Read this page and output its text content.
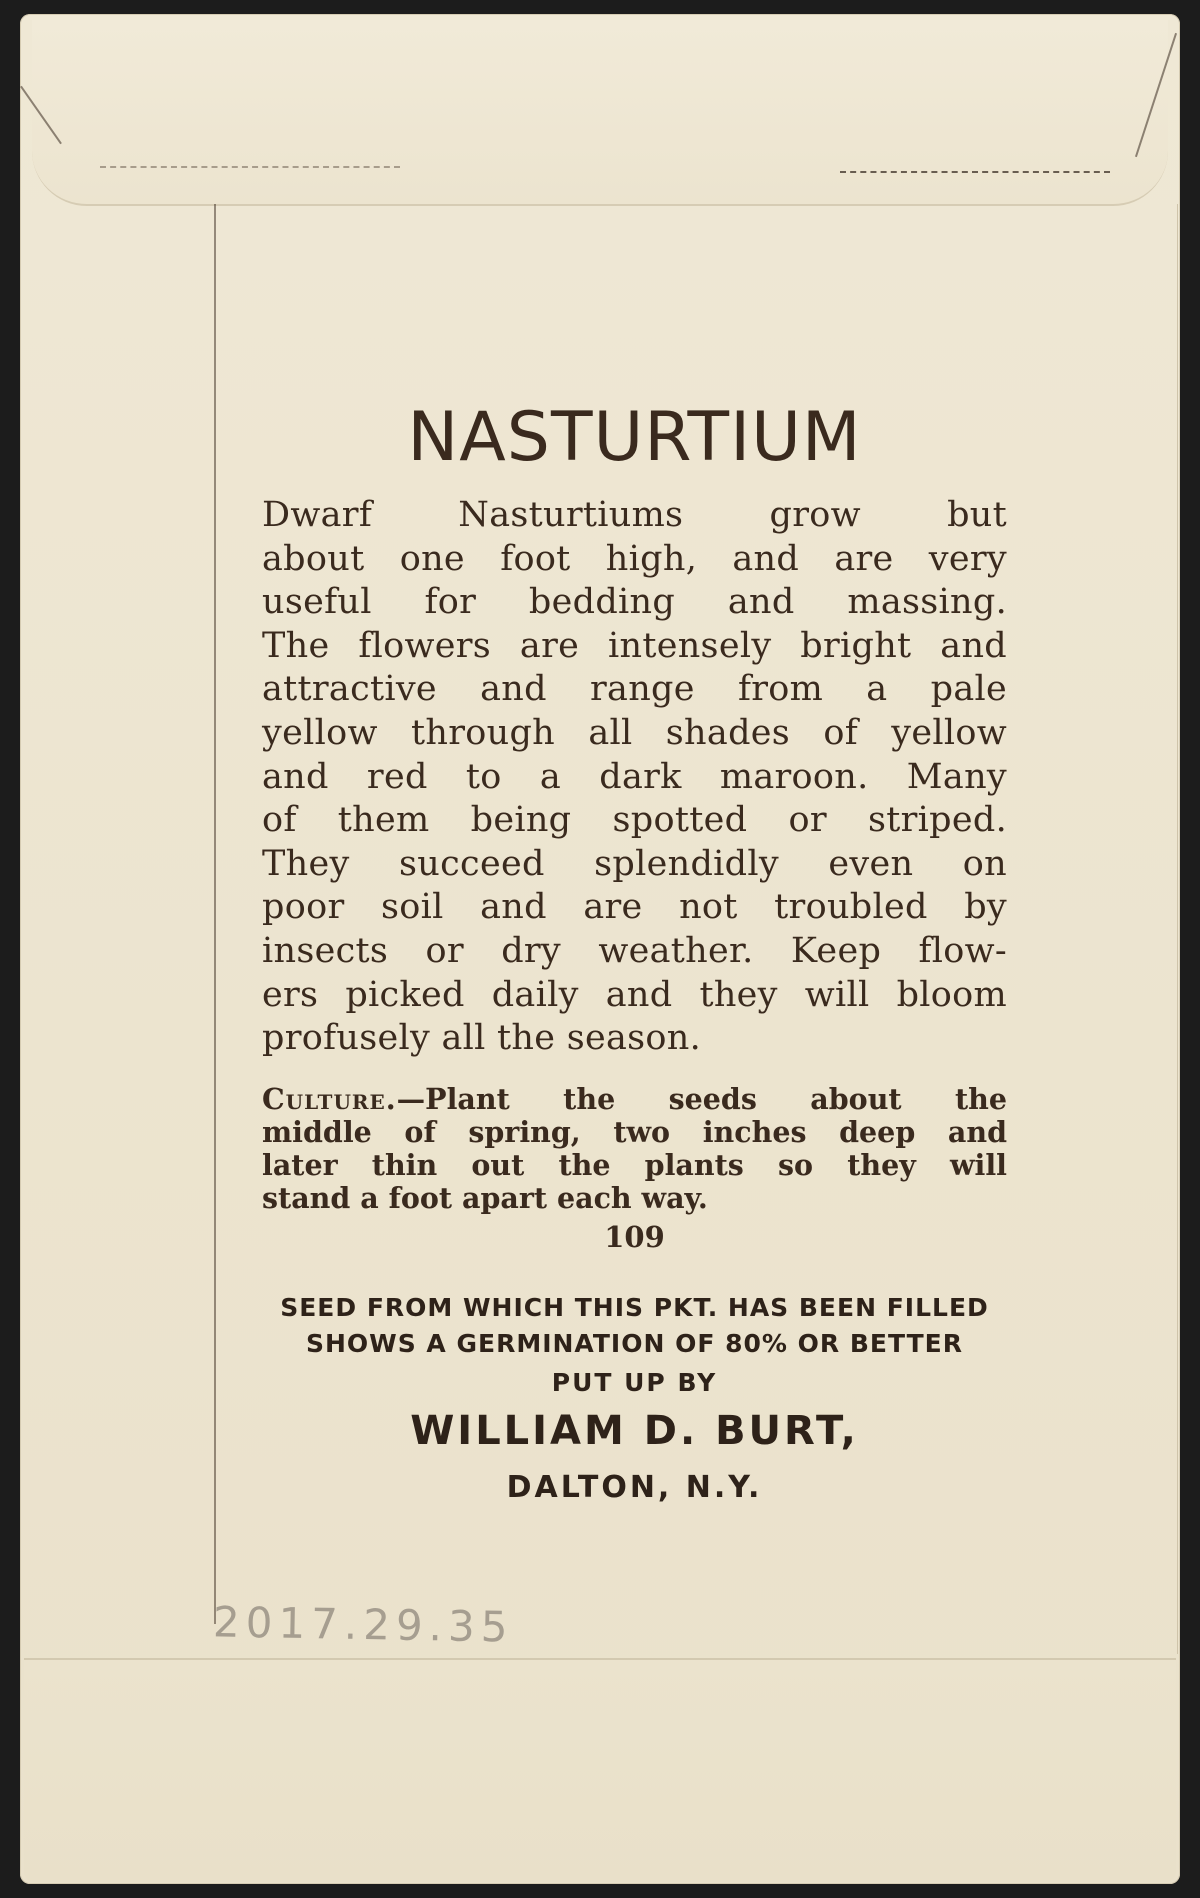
NASTURTIUM
Dwarf Nasturtiums grow but
about one foot high, and are very
useful for bedding and massing.
The flowers are intensely bright and
attractive and range from a pale
yellow through all shades of yellow
and red to a dark maroon. Many
of them being spotted or striped.
They succeed splendidly even on
poor soil and are not troubled by
insects or dry weather. Keep flow-
ers picked daily and they will bloom
profusely all the season.
Culture.—Plant the seeds about the
middle of spring, two inches deep and
later thin out the plants so they will
stand a foot apart each way.
109
SEED FROM WHICH THIS PKT. HAS BEEN FILLED
SHOWS A GERMINATION OF 80% OR BETTER
PUT UP BY
WILLIAM D. BURT,
DALTON, N.Y.
2017.29.35
